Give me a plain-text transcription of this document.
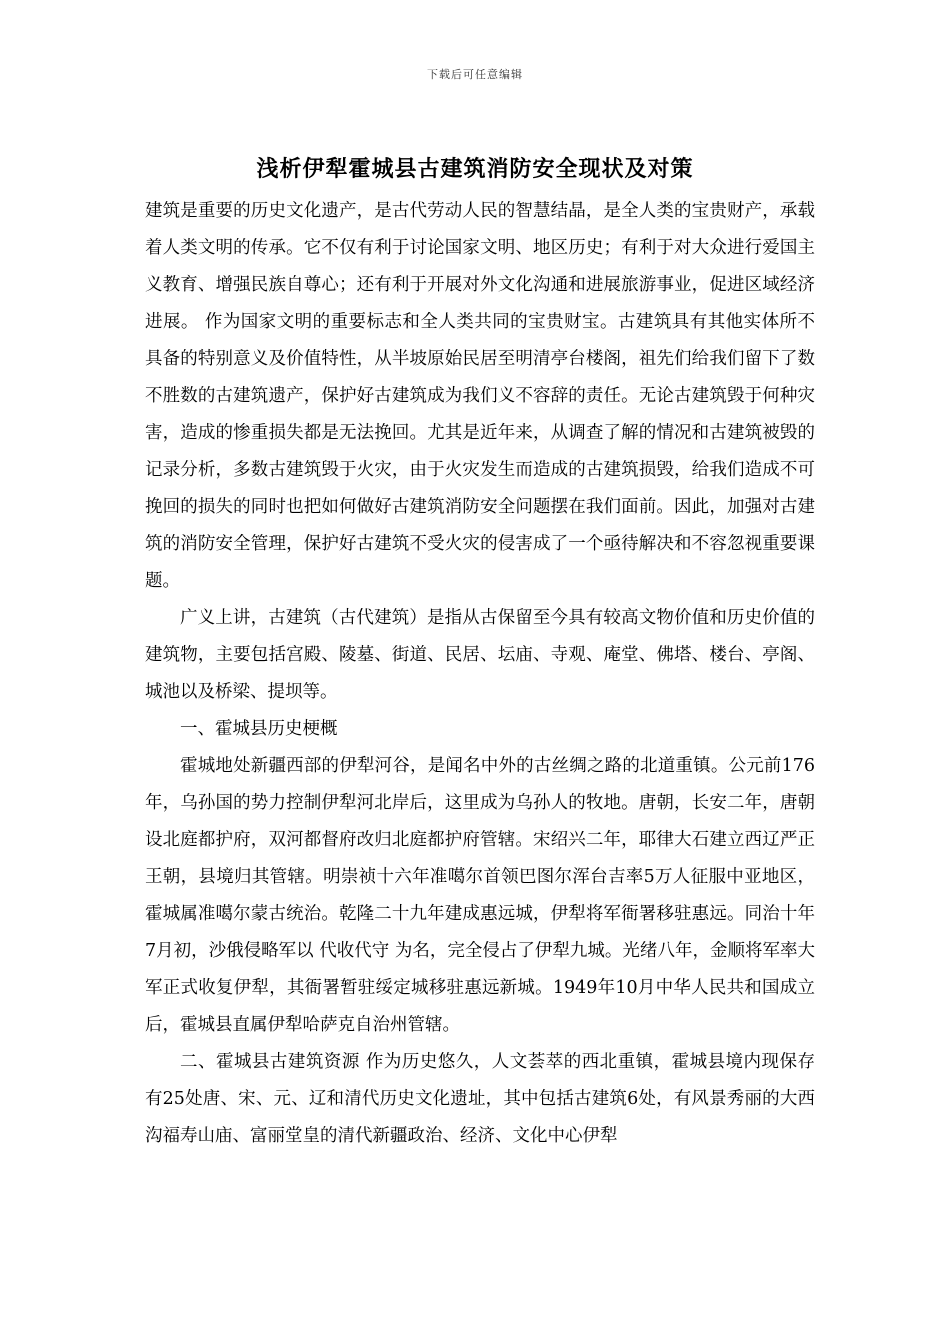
下载后可任意编辑
浅析伊犁霍城县古建筑消防安全现状及对策

建筑是重要的历史文化遗产，是古代劳动人民的智慧结晶，是全人类的宝贵财产，承载着人类文明的传承。它不仅有利于讨论国家文明、地区历史；有利于对大众进行爱国主义教育、增强民族自尊心；还有利于开展对外文化沟通和进展旅游事业，促进区域经济进展。 作为国家文明的重要标志和全人类共同的宝贵财宝。古建筑具有其他实体所不具备的特别意义及价值特性，从半坡原始民居至明清亭台楼阁，祖先们给我们留下了数不胜数的古建筑遗产，保护好古建筑成为我们义不容辞的责任。无论古建筑毁于何种灾害，造成的惨重损失都是无法挽回。尤其是近年来，从调查了解的情况和古建筑被毁的记录分析，多数古建筑毁于火灾，由于火灾发生而造成的古建筑损毁，给我们造成不可挽回的损失的同时也把如何做好古建筑消防安全问题摆在我们面前。因此，加强对古建筑的消防安全管理，保护好古建筑不受火灾的侵害成了一个亟待解决和不容忽视重要课题。

广义上讲，古建筑（古代建筑）是指从古保留至今具有较高文物价值和历史价值的建筑物，主要包括宫殿、陵墓、街道、民居、坛庙、寺观、庵堂、佛塔、楼台、亭阁、城池以及桥梁、提坝等。

一、霍城县历史梗概

霍城地处新疆西部的伊犁河谷，是闻名中外的古丝绸之路的北道重镇。公元前176年，乌孙国的势力控制伊犁河北岸后，这里成为乌孙人的牧地。唐朝，长安二年，唐朝设北庭都护府，双河都督府改归北庭都护府管辖。宋绍兴二年，耶律大石建立西辽严正王朝，县境归其管辖。明崇祯十六年准噶尔首领巴图尔浑台吉率5万人征服中亚地区，霍城属准噶尔蒙古统治。乾隆二十九年建成惠远城，伊犁将军衙署移驻惠远。同治十年7月初，沙俄侵略军以 代收代守 为名，完全侵占了伊犁九城。光绪八年，金顺将军率大军正式收复伊犁，其衙署暂驻绥定城移驻惠远新城。1949年10月中华人民共和国成立后，霍城县直属伊犁哈萨克自治州管辖。

二、霍城县古建筑资源 作为历史悠久，人文荟萃的西北重镇，霍城县境内现保存有25处唐、宋、元、辽和清代历史文化遗址，其中包括古建筑6处，有风景秀丽的大西沟福寿山庙、富丽堂皇的清代新疆政治、经济、文化中心伊犁
